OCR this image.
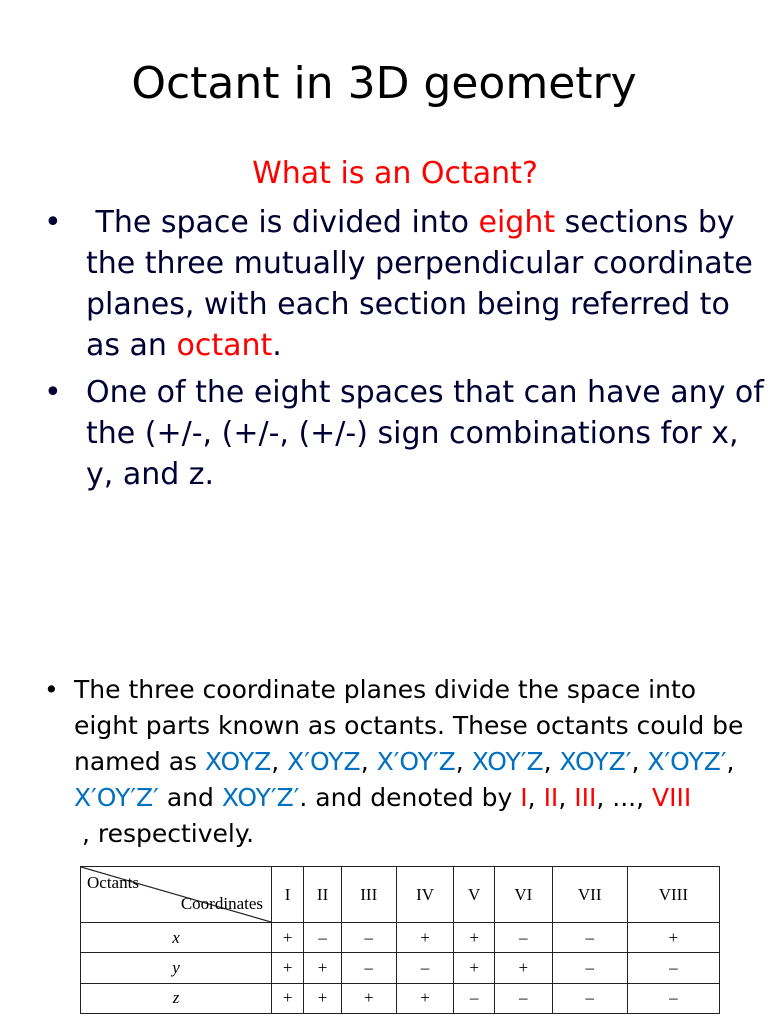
Octant in 3D geometry
What is an Octant?
• The space is divided into eight sections by the three mutually perpendicular coordinate planes, with each section being referred to as an octant.
• One of the eight spaces that can have any of the (+/-, (+/-, (+/-) sign combinations for x, y, and z.
• The three coordinate planes divide the space into eight parts known as octants. These octants could be named as XOYZ, X′OYZ, X′OY′Z, XOY′Z, XOYZ′, X′OYZ′, X′OY′Z′ and XOY′Z′. and denoted by I, II, III, ..., VIII , respectively.
Octants
Coordinates	I	II	III	IV	V	VI	VII	VIII
x	+	–	–	+	+	–	–	+
y	+	+	–	–	+	+	–	–
z	+	+	+	+	–	–	–	–
